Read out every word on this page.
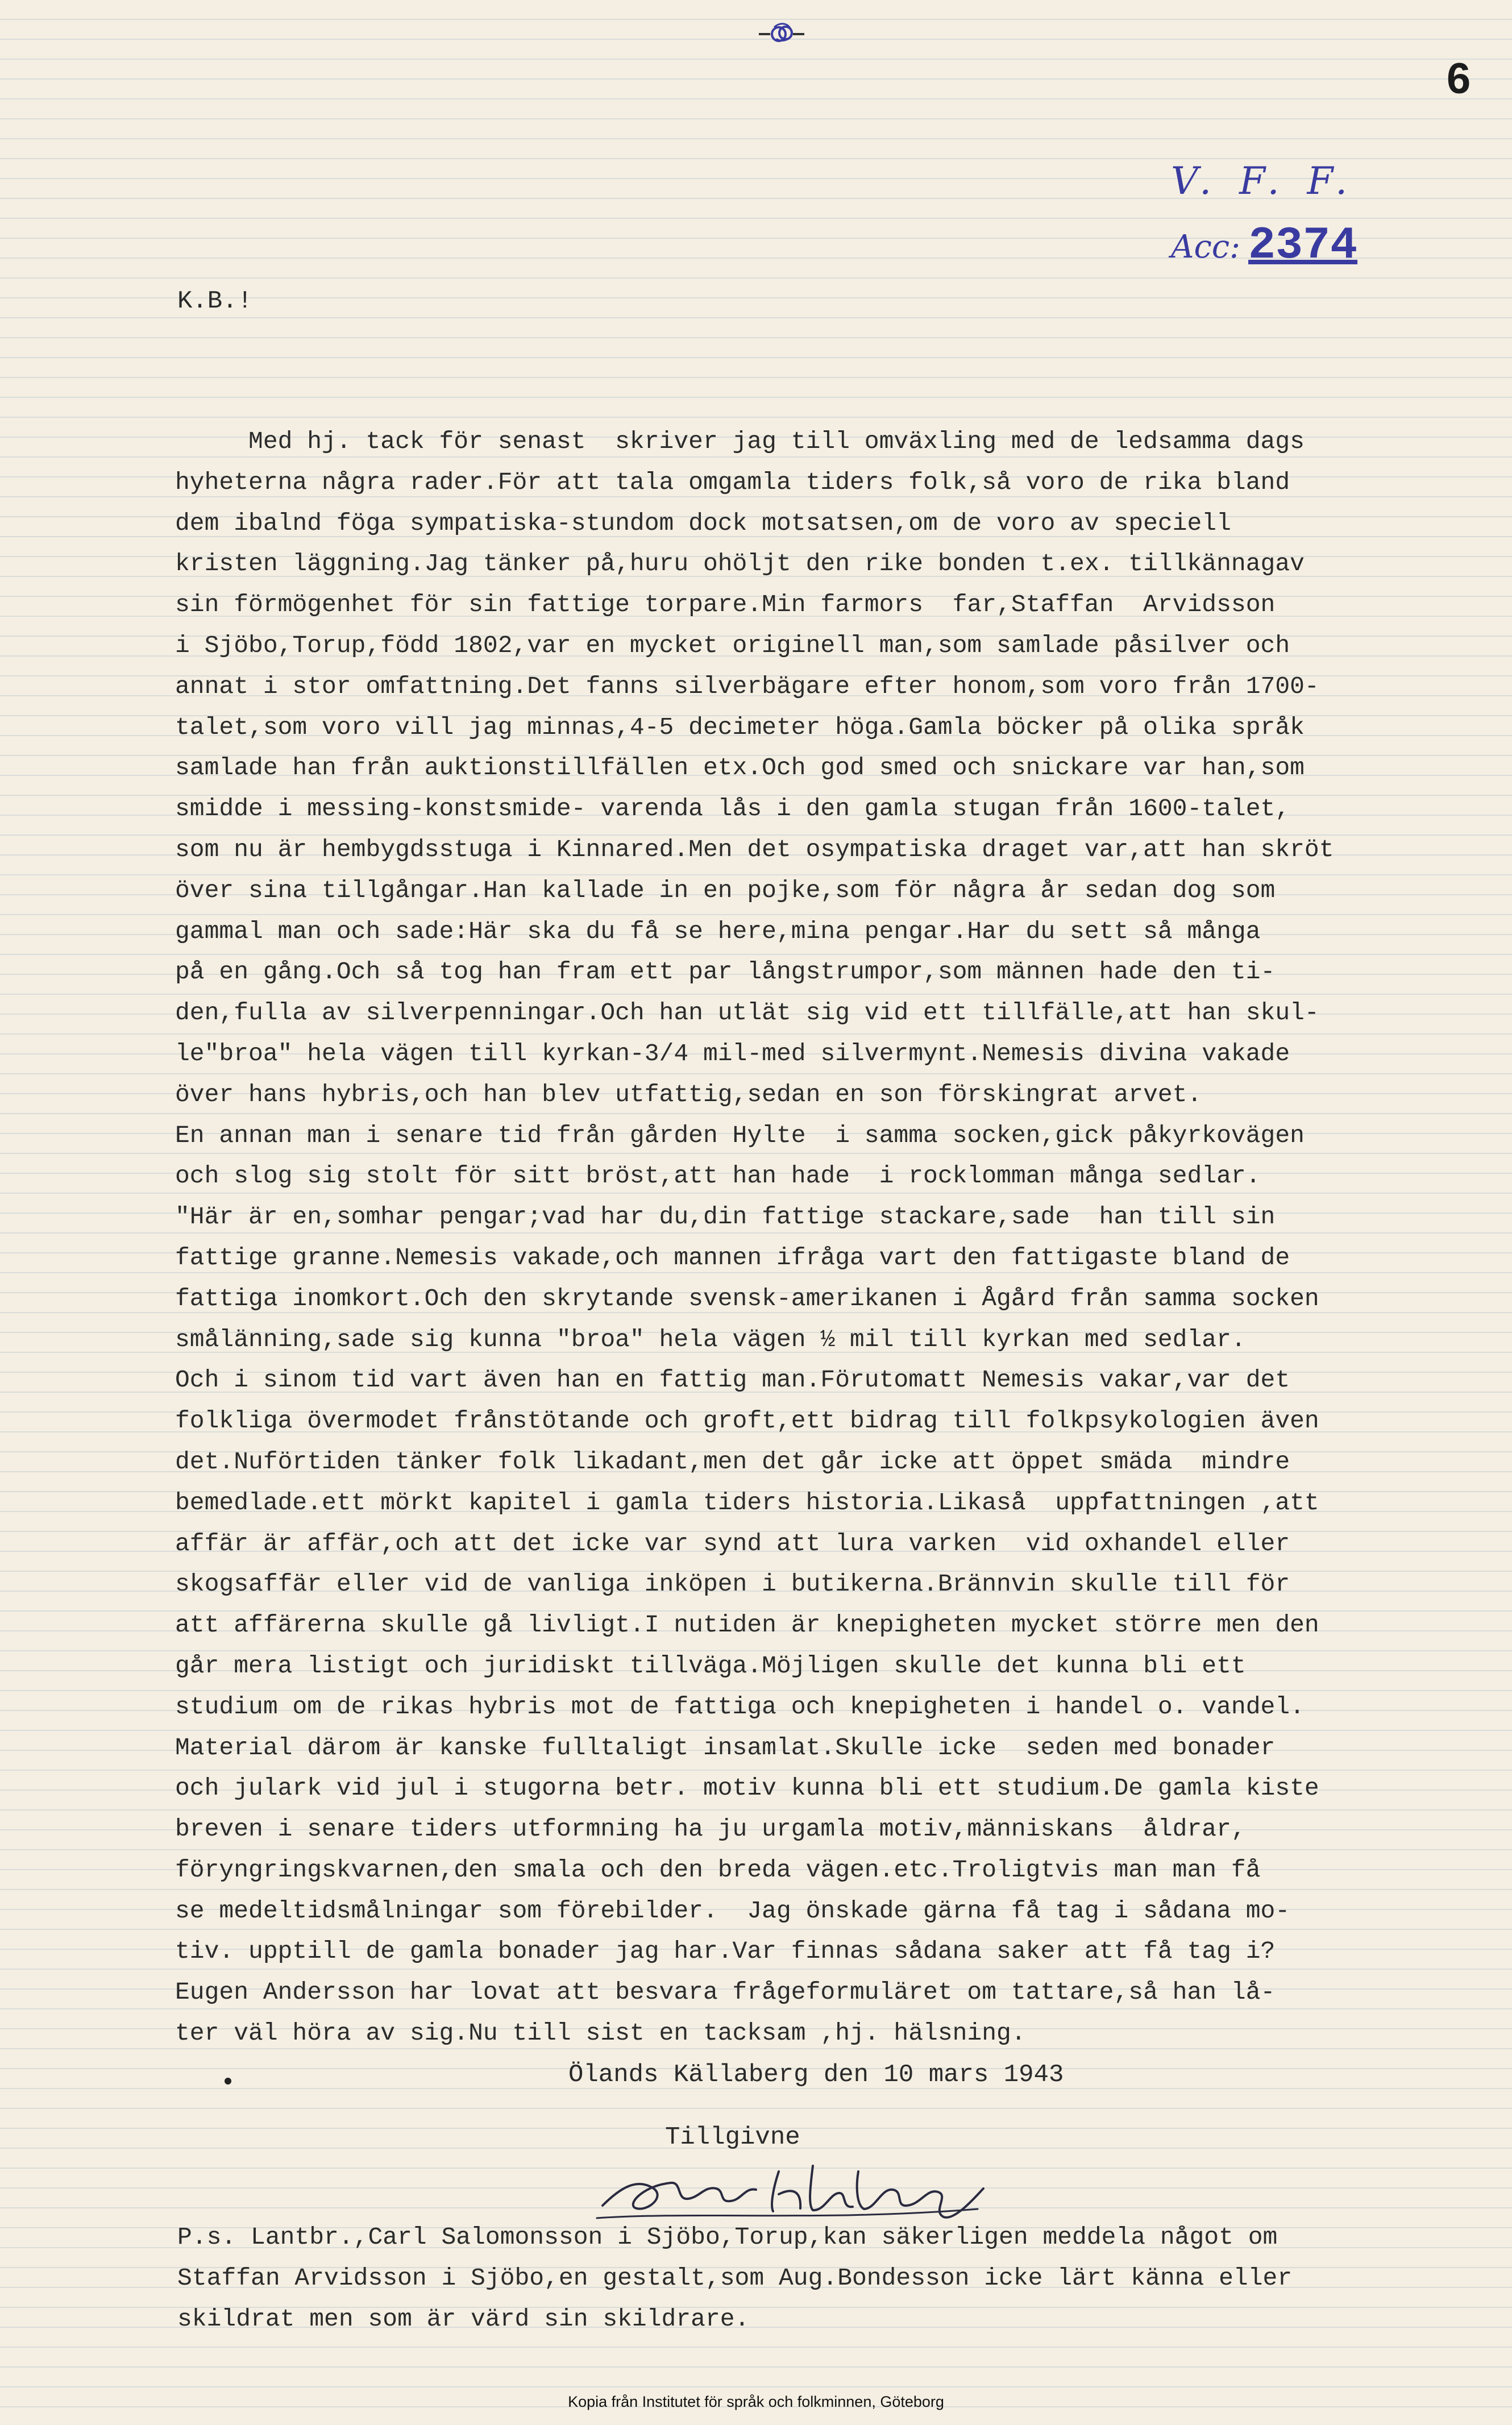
6
V. F. F.
Acc: 2374
K.B.!
Med hj. tack för senast  skriver jag till omväxling med de ledsamma dags
hyheterna några rader.För att tala omgamla tiders folk,så voro de rika bland
dem ibalnd föga sympatiska-stundom dock motsatsen,om de voro av speciell
kristen läggning.Jag tänker på,huru ohöljt den rike bonden t.ex. tillkännagav
sin förmögenhet för sin fattige torpare.Min farmors  far,Staffan  Arvidsson
i Sjöbo,Torup,född 1802,var en mycket originell man,som samlade påsilver och
annat i stor omfattning.Det fanns silverbägare efter honom,som voro från 1700-
talet,som voro vill jag minnas,4-5 decimeter höga.Gamla böcker på olika språk
samlade han från auktionstillfällen etx.Och god smed och snickare var han,som
smidde i messing-konstsmide- varenda lås i den gamla stugan från 1600-talet,
som nu är hembygdsstuga i Kinnared.Men det osympatiska draget var,att han skröt
över sina tillgångar.Han kallade in en pojke,som för några år sedan dog som
gammal man och sade:Här ska du få se here,mina pengar.Har du sett så många
på en gång.Och så tog han fram ett par långstrumpor,som männen hade den ti-
den,fulla av silverpenningar.Och han utlät sig vid ett tillfälle,att han skul-
le"broa" hela vägen till kyrkan-3/4 mil-med silvermynt.Nemesis divina vakade
över hans hybris,och han blev utfattig,sedan en son förskingrat arvet.
En annan man i senare tid från gården Hylte  i samma socken,gick påkyrkovägen
och slog sig stolt för sitt bröst,att han hade  i rocklomman många sedlar.
"Här är en,somhar pengar;vad har du,din fattige stackare,sade  han till sin
fattige granne.Nemesis vakade,och mannen ifråga vart den fattigaste bland de
fattiga inomkort.Och den skrytande svensk-amerikanen i Ågård från samma socken
smålänning,sade sig kunna "broa" hela vägen ½ mil till kyrkan med sedlar.
Och i sinom tid vart även han en fattig man.Förutomatt Nemesis vakar,var det
folkliga övermodet frånstötande och groft,ett bidrag till folkpsykologien även
det.Nuförtiden tänker folk likadant,men det går icke att öppet smäda  mindre
bemedlade.ett mörkt kapitel i gamla tiders historia.Likaså  uppfattningen ,att
affär är affär,och att det icke var synd att lura varken  vid oxhandel eller
skogsaffär eller vid de vanliga inköpen i butikerna.Brännvin skulle till för
att affärerna skulle gå livligt.I nutiden är knepigheten mycket större men den
går mera listigt och juridiskt tillväga.Möjligen skulle det kunna bli ett
studium om de rikas hybris mot de fattiga och knepigheten i handel o. vandel.
Material därom är kanske fulltaligt insamlat.Skulle icke  seden med bonader
och julark vid jul i stugorna betr. motiv kunna bli ett studium.De gamla kiste
breven i senare tiders utformning ha ju urgamla motiv,människans  åldrar,
föryngringskvarnen,den smala och den breda vägen.etc.Troligtvis man man få
se medeltidsmålningar som förebilder.  Jag önskade gärna få tag i sådana mo-
tiv. upptill de gamla bonader jag har.Var finnas sådana saker att få tag i?
Eugen Andersson har lovat att besvara frågeformuläret om tattare,så han lå-
ter väl höra av sig.Nu till sist en tacksam ,hj. hälsning.
Ölands Källaberg den 10 mars 1943
Tillgivne
P.s. Lantbr.,Carl Salomonsson i Sjöbo,Torup,kan säkerligen meddela något om
Staffan Arvidsson i Sjöbo,en gestalt,som Aug.Bondesson icke lärt känna eller
skildrat men som är värd sin skildrare.
Kopia från Institutet för språk och folkminnen, Göteborg
